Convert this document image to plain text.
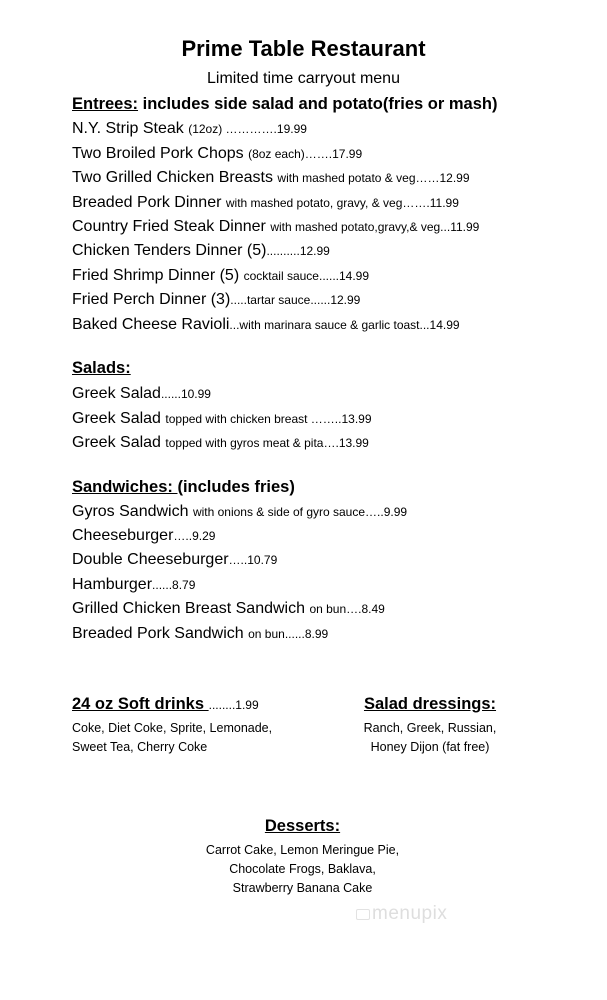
Prime Table Restaurant
Limited time carryout menu
Entrees: includes side salad and potato(fries or mash)
N.Y. Strip Steak (12oz) ………….19.99
Two Broiled Pork Chops (8oz each)…….17.99
Two Grilled Chicken Breasts with mashed potato & veg……12.99
Breaded Pork Dinner with mashed potato, gravy, & veg…….11.99
Country Fried Steak Dinner with mashed potato,gravy,& veg...11.99
Chicken Tenders Dinner (5)..........12.99
Fried Shrimp Dinner (5) cocktail sauce......14.99
Fried Perch Dinner (3).....tartar sauce......12.99
Baked Cheese Ravioli...with marinara sauce & garlic toast...14.99
Salads:
Greek Salad......10.99
Greek Salad topped with chicken breast ……..13.99
Greek Salad topped with gyros meat & pita….13.99
Sandwiches: (includes fries)
Gyros Sandwich with onions & side of gyro sauce…..9.99
Cheeseburger…..9.29
Double Cheeseburger…..10.79
Hamburger......8.79
Grilled Chicken Breast Sandwich on bun….8.49
Breaded Pork Sandwich on bun......8.99
24 oz Soft drinks ........1.99
Coke, Diet Coke, Sprite, Lemonade,
Sweet Tea, Cherry Coke
Salad dressings:
Ranch, Greek, Russian,
Honey Dijon (fat free)
Desserts:
Carrot Cake, Lemon Meringue Pie,
Chocolate Frogs, Baklava,
Strawberry Banana Cake
menupix
